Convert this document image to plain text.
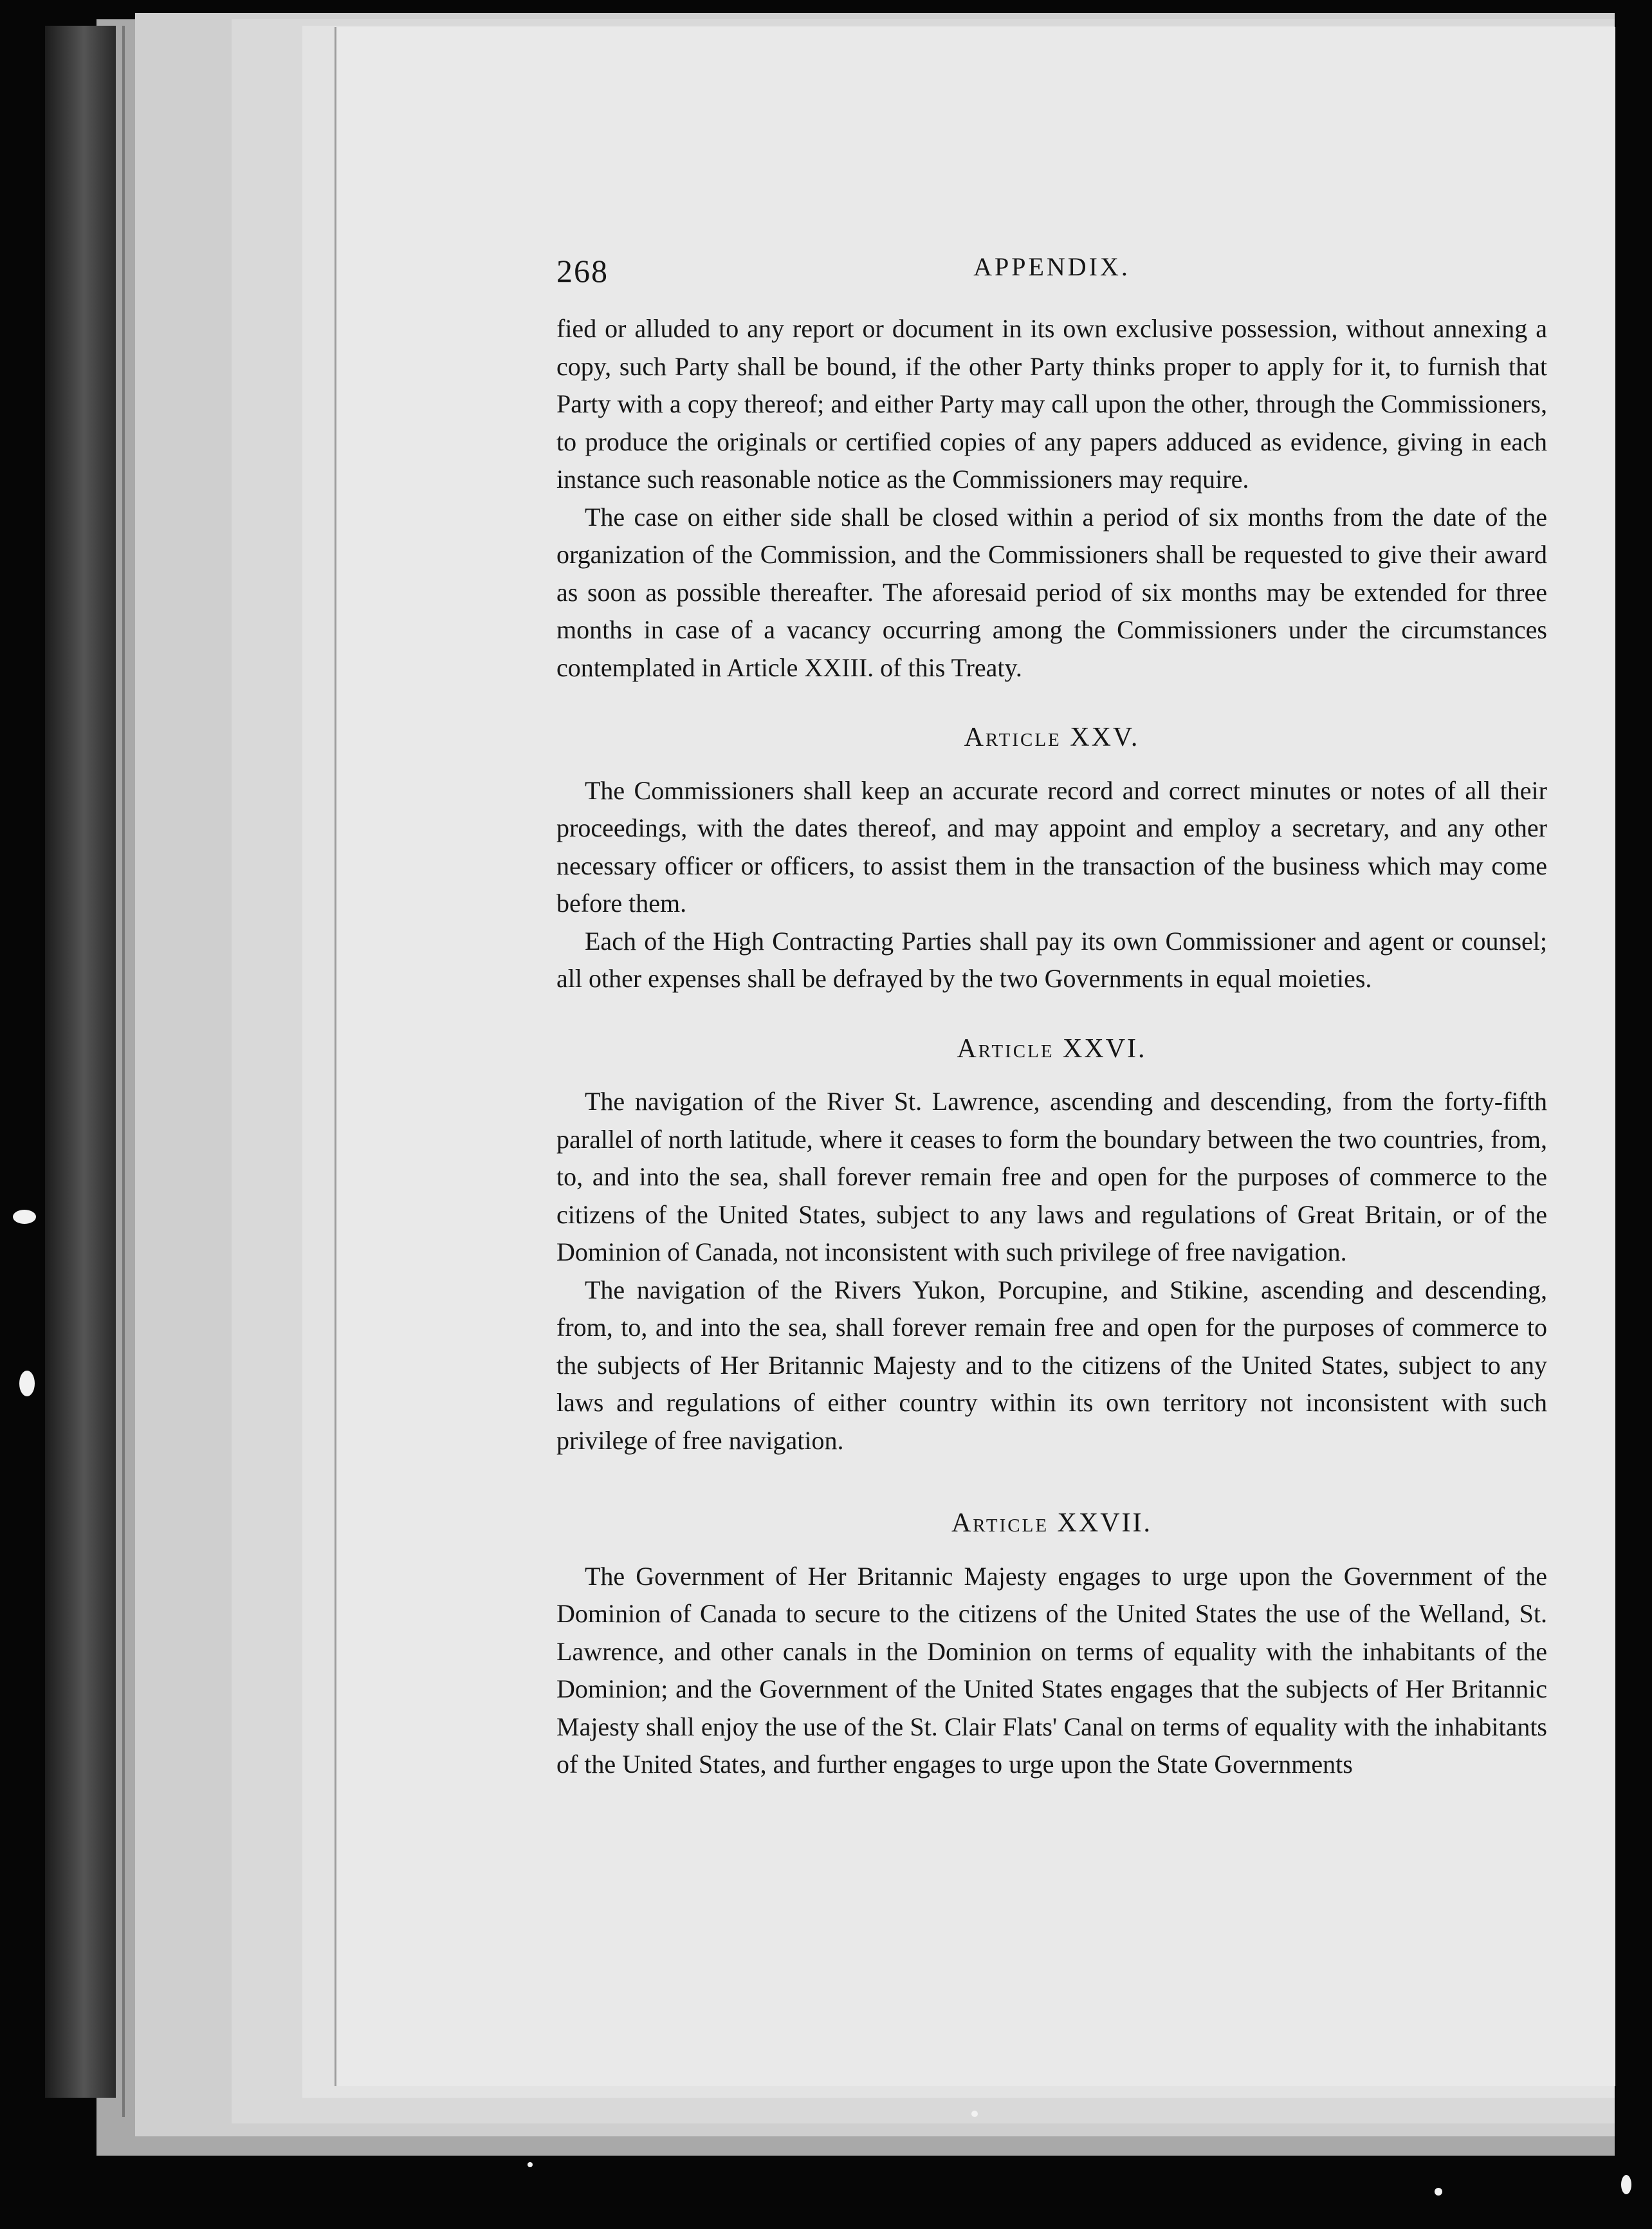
268	APPENDIX.

fied or alluded to any report or document in its own exclusive possession, without annexing a copy, such Party shall be bound, if the other Party thinks proper to apply for it, to furnish that Party with a copy thereof; and either Party may call upon the other, through the Commissioners, to produce the originals or certified copies of any papers adduced as evidence, giving in each instance such reasonable notice as the Commissioners may require.

The case on either side shall be closed within a period of six months from the date of the organization of the Commission, and the Commissioners shall be requested to give their award as soon as possible thereafter. The aforesaid period of six months may be extended for three months in case of a vacancy occurring among the Commissioners under the circumstances contemplated in Article XXIII. of this Treaty.

Article XXV.

The Commissioners shall keep an accurate record and correct minutes or notes of all their proceedings, with the dates thereof, and may appoint and employ a secretary, and any other necessary officer or officers, to assist them in the transaction of the business which may come before them.

Each of the High Contracting Parties shall pay its own Commissioner and agent or counsel; all other expenses shall be defrayed by the two Governments in equal moieties.

Article XXVI.

The navigation of the River St. Lawrence, ascending and descending, from the forty-fifth parallel of north latitude, where it ceases to form the boundary between the two countries, from, to, and into the sea, shall forever remain free and open for the purposes of commerce to the citizens of the United States, subject to any laws and regulations of Great Britain, or of the Dominion of Canada, not inconsistent with such privilege of free navigation.

The navigation of the Rivers Yukon, Porcupine, and Stikine, ascending and descending, from, to, and into the sea, shall forever remain free and open for the purposes of commerce to the subjects of Her Britannic Majesty and to the citizens of the United States, subject to any laws and regulations of either country within its own territory not inconsistent with such privilege of free navigation.

Article XXVII.

The Government of Her Britannic Majesty engages to urge upon the Government of the Dominion of Canada to secure to the citizens of the United States the use of the Welland, St. Lawrence, and other canals in the Dominion on terms of equality with the inhabitants of the Dominion; and the Government of the United States engages that the subjects of Her Britannic Majesty shall enjoy the use of the St. Clair Flats' Canal on terms of equality with the inhabitants of the United States, and further engages to urge upon the State Governments
